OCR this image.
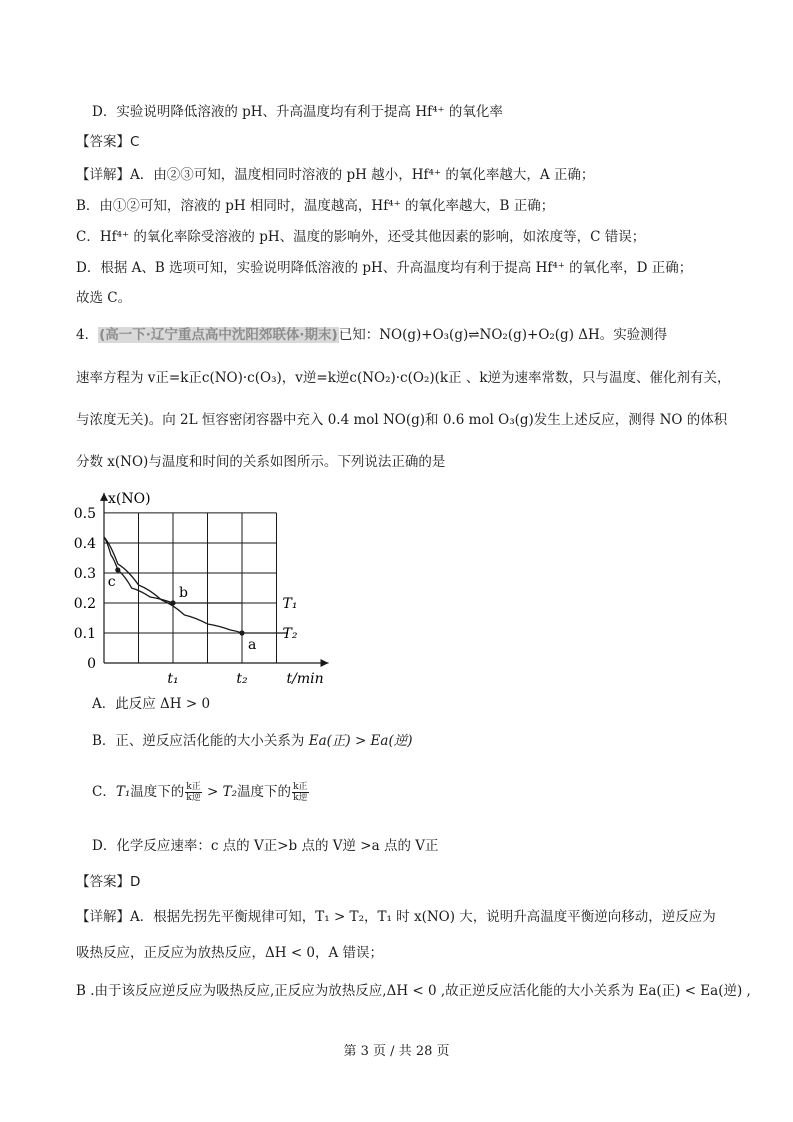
D．实验说明降低溶液的 pH、升高温度均有利于提高 Hf⁴⁺ 的氧化率
【答案】C
【详解】A．由②③可知，温度相同时溶液的 pH 越小，Hf⁴⁺ 的氧化率越大，A 正确；
B．由①②可知，溶液的 pH 相同时，温度越高，Hf⁴⁺ 的氧化率越大，B 正确；
C．Hf⁴⁺ 的氧化率除受溶液的 pH、温度的影响外，还受其他因素的影响，如浓度等，C 错误；
D．根据 A、B 选项可知，实验说明降低溶液的 pH、升高温度均有利于提高 Hf⁴⁺ 的氧化率，D 正确；
故选 C。
4．(高一下·辽宁重点高中沈阳郊联体·期末)已知：NO(g)+O₃(g)⇌NO₂(g)+O₂(g) ΔH。实验测得
速率方程为 v正=k正c(NO)·c(O₃)，v逆=k逆c(NO₂)·c(O₂)(k正 、k逆为速率常数，只与温度、催化剂有关，
与浓度无关)。向 2L 恒容密闭容器中充入 0.4 mol NO(g)和 0.6 mol O₃(g)发生上述反应，测得 NO 的体积
分数 x(NO)与温度和时间的关系如图所示。下列说法正确的是
x(NO)
t/min
0.5
0.4
0.3
0.2
0.1
0
t₁	t₂
T₁
T₂
c
b
a
A．此反应 ΔH > 0
B．正、逆反应活化能的大小关系为 Ea(正) > Ea(逆)
C．T₁温度下的 $\frac{\text{k正}}{\text{k逆}} > T_2$温度下的 $\frac{\text{k正}}{\text{k逆}}$
D．化学反应速率：c 点的 V正>b 点的 V逆 >a 点的 V正
【答案】D
【详解】A．根据先拐先平衡规律可知，T₁ > T₂，T₁ 时 x(NO) 大，说明升高温度平衡逆向移动，逆反应为
吸热反应，正反应为放热反应，ΔH < 0，A 错误；
B .由于该反应逆反应为吸热反应,正反应为放热反应,ΔH < 0 ,故正逆反应活化能的大小关系为 Ea(正) < Ea(逆) ,
第 3 页 / 共 28 页
